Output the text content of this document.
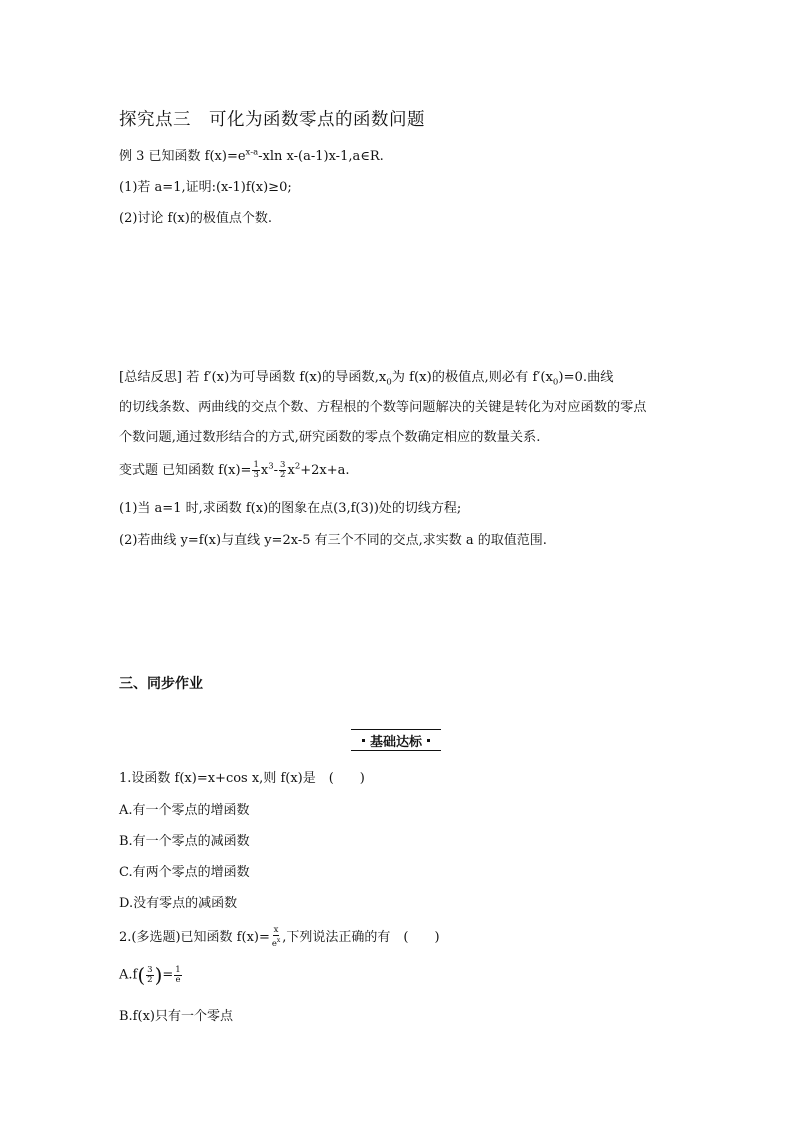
探究点三　可化为函数零点的函数问题
例 3 已知函数 $f(x)=e^{x-a}$-xln x-(a-1)x-1,a∈R.
(1)若 a=1,证明:(x-1)f(x)≥0;
(2)讨论 f(x)的极值点个数.
[总结反思] 若 f′(x)为可导函数 f(x)的导函数$,x_0$为 f(x)的极值点,则必有 $f'(x_0)=0$.曲线
的切线条数、两曲线的交点个数、方程根的个数等问题解决的关键是转化为对应函数的零点
个数问题,通过数形结合的方式,研究函数的零点个数确定相应的数量关系.
变式题 已知函数 $f(x)= \frac{1}{3} x^3- \frac{3}{2} x^2+2x+a$.
(1)当 a=1 时,求函数 f(x)的图象在点(3,f(3))处的切线方程;
(2)若曲线 y=f(x)与直线 y=2x-5 有三个不同的交点,求实数 a 的取值范围.
三、同步作业
基础达标
1.设函数 f(x)=x+cos x,则 f(x)是　(　　)
A.有一个零点的增函数
B.有一个零点的减函数
C.有两个零点的增函数
D.没有零点的减函数
2.(多选题)已知函数 $f(x)= \frac{x}{e^x}$ ,下列说法正确的有　(　　)
$A.f( \frac{3}{2}$ )= $\frac{1}{e}$
B.f(x)只有一个零点
